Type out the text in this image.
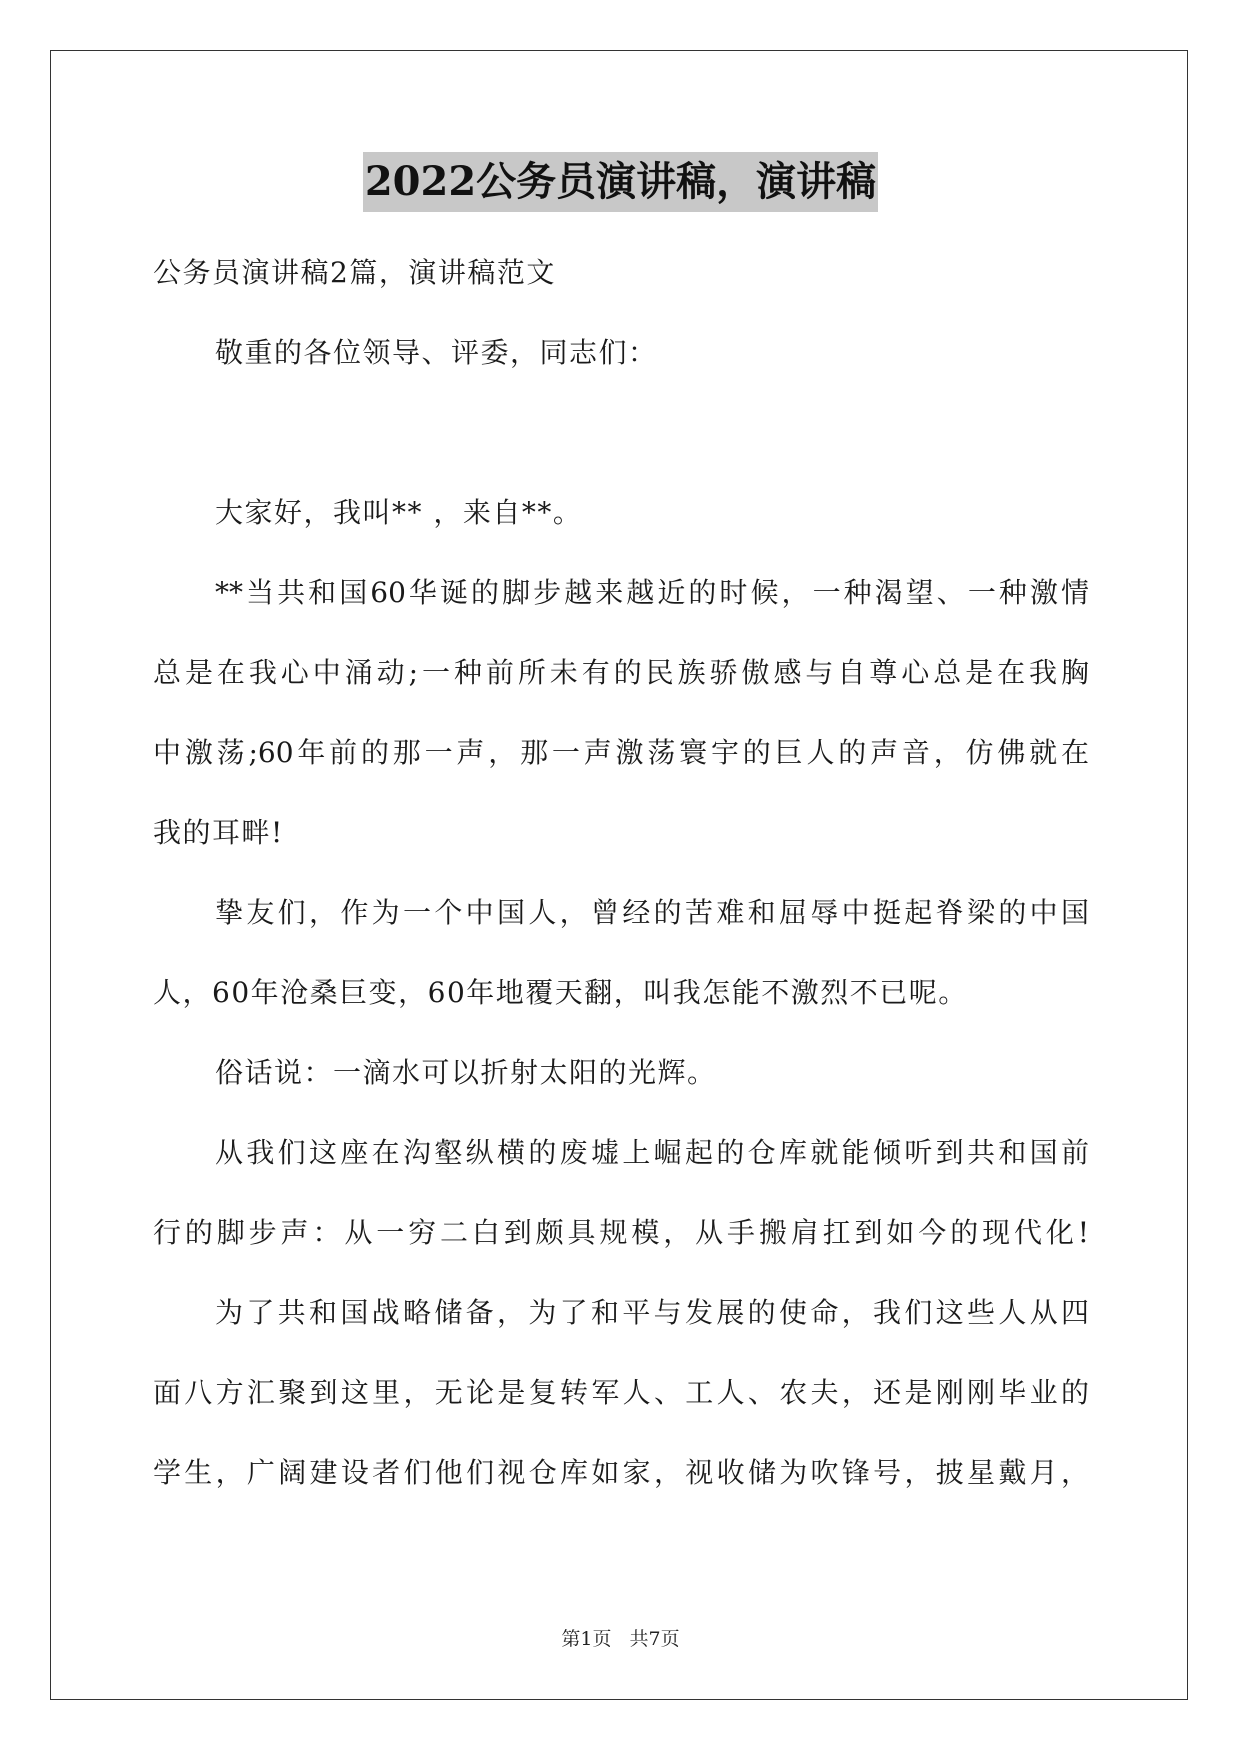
2022公务员演讲稿，演讲稿
公务员演讲稿2篇，演讲稿范文
敬重的各位领导、评委，同志们：
大家好，我叫** ，来自**。
**当共和国60华诞的脚步越来越近的时候，一种渴望、一种激情
总是在我心中涌动;一种前所未有的民族骄傲感与自尊心总是在我胸
中激荡;60年前的那一声，那一声激荡寰宇的巨人的声音，仿佛就在
我的耳畔!
挚友们，作为一个中国人，曾经的苦难和屈辱中挺起脊梁的中国
人，60年沧桑巨变，60年地覆天翻，叫我怎能不激烈不已呢。
俗话说：一滴水可以折射太阳的光辉。
从我们这座在沟壑纵横的废墟上崛起的仓库就能倾听到共和国前
行的脚步声：从一穷二白到颇具规模，从手搬肩扛到如今的现代化!
为了共和国战略储备，为了和平与发展的使命，我们这些人从四
面八方汇聚到这里，无论是复转军人、工人、农夫，还是刚刚毕业的
学生，广阔建设者们他们视仓库如家，视收储为吹锋号，披星戴月，
第1页 共7页
